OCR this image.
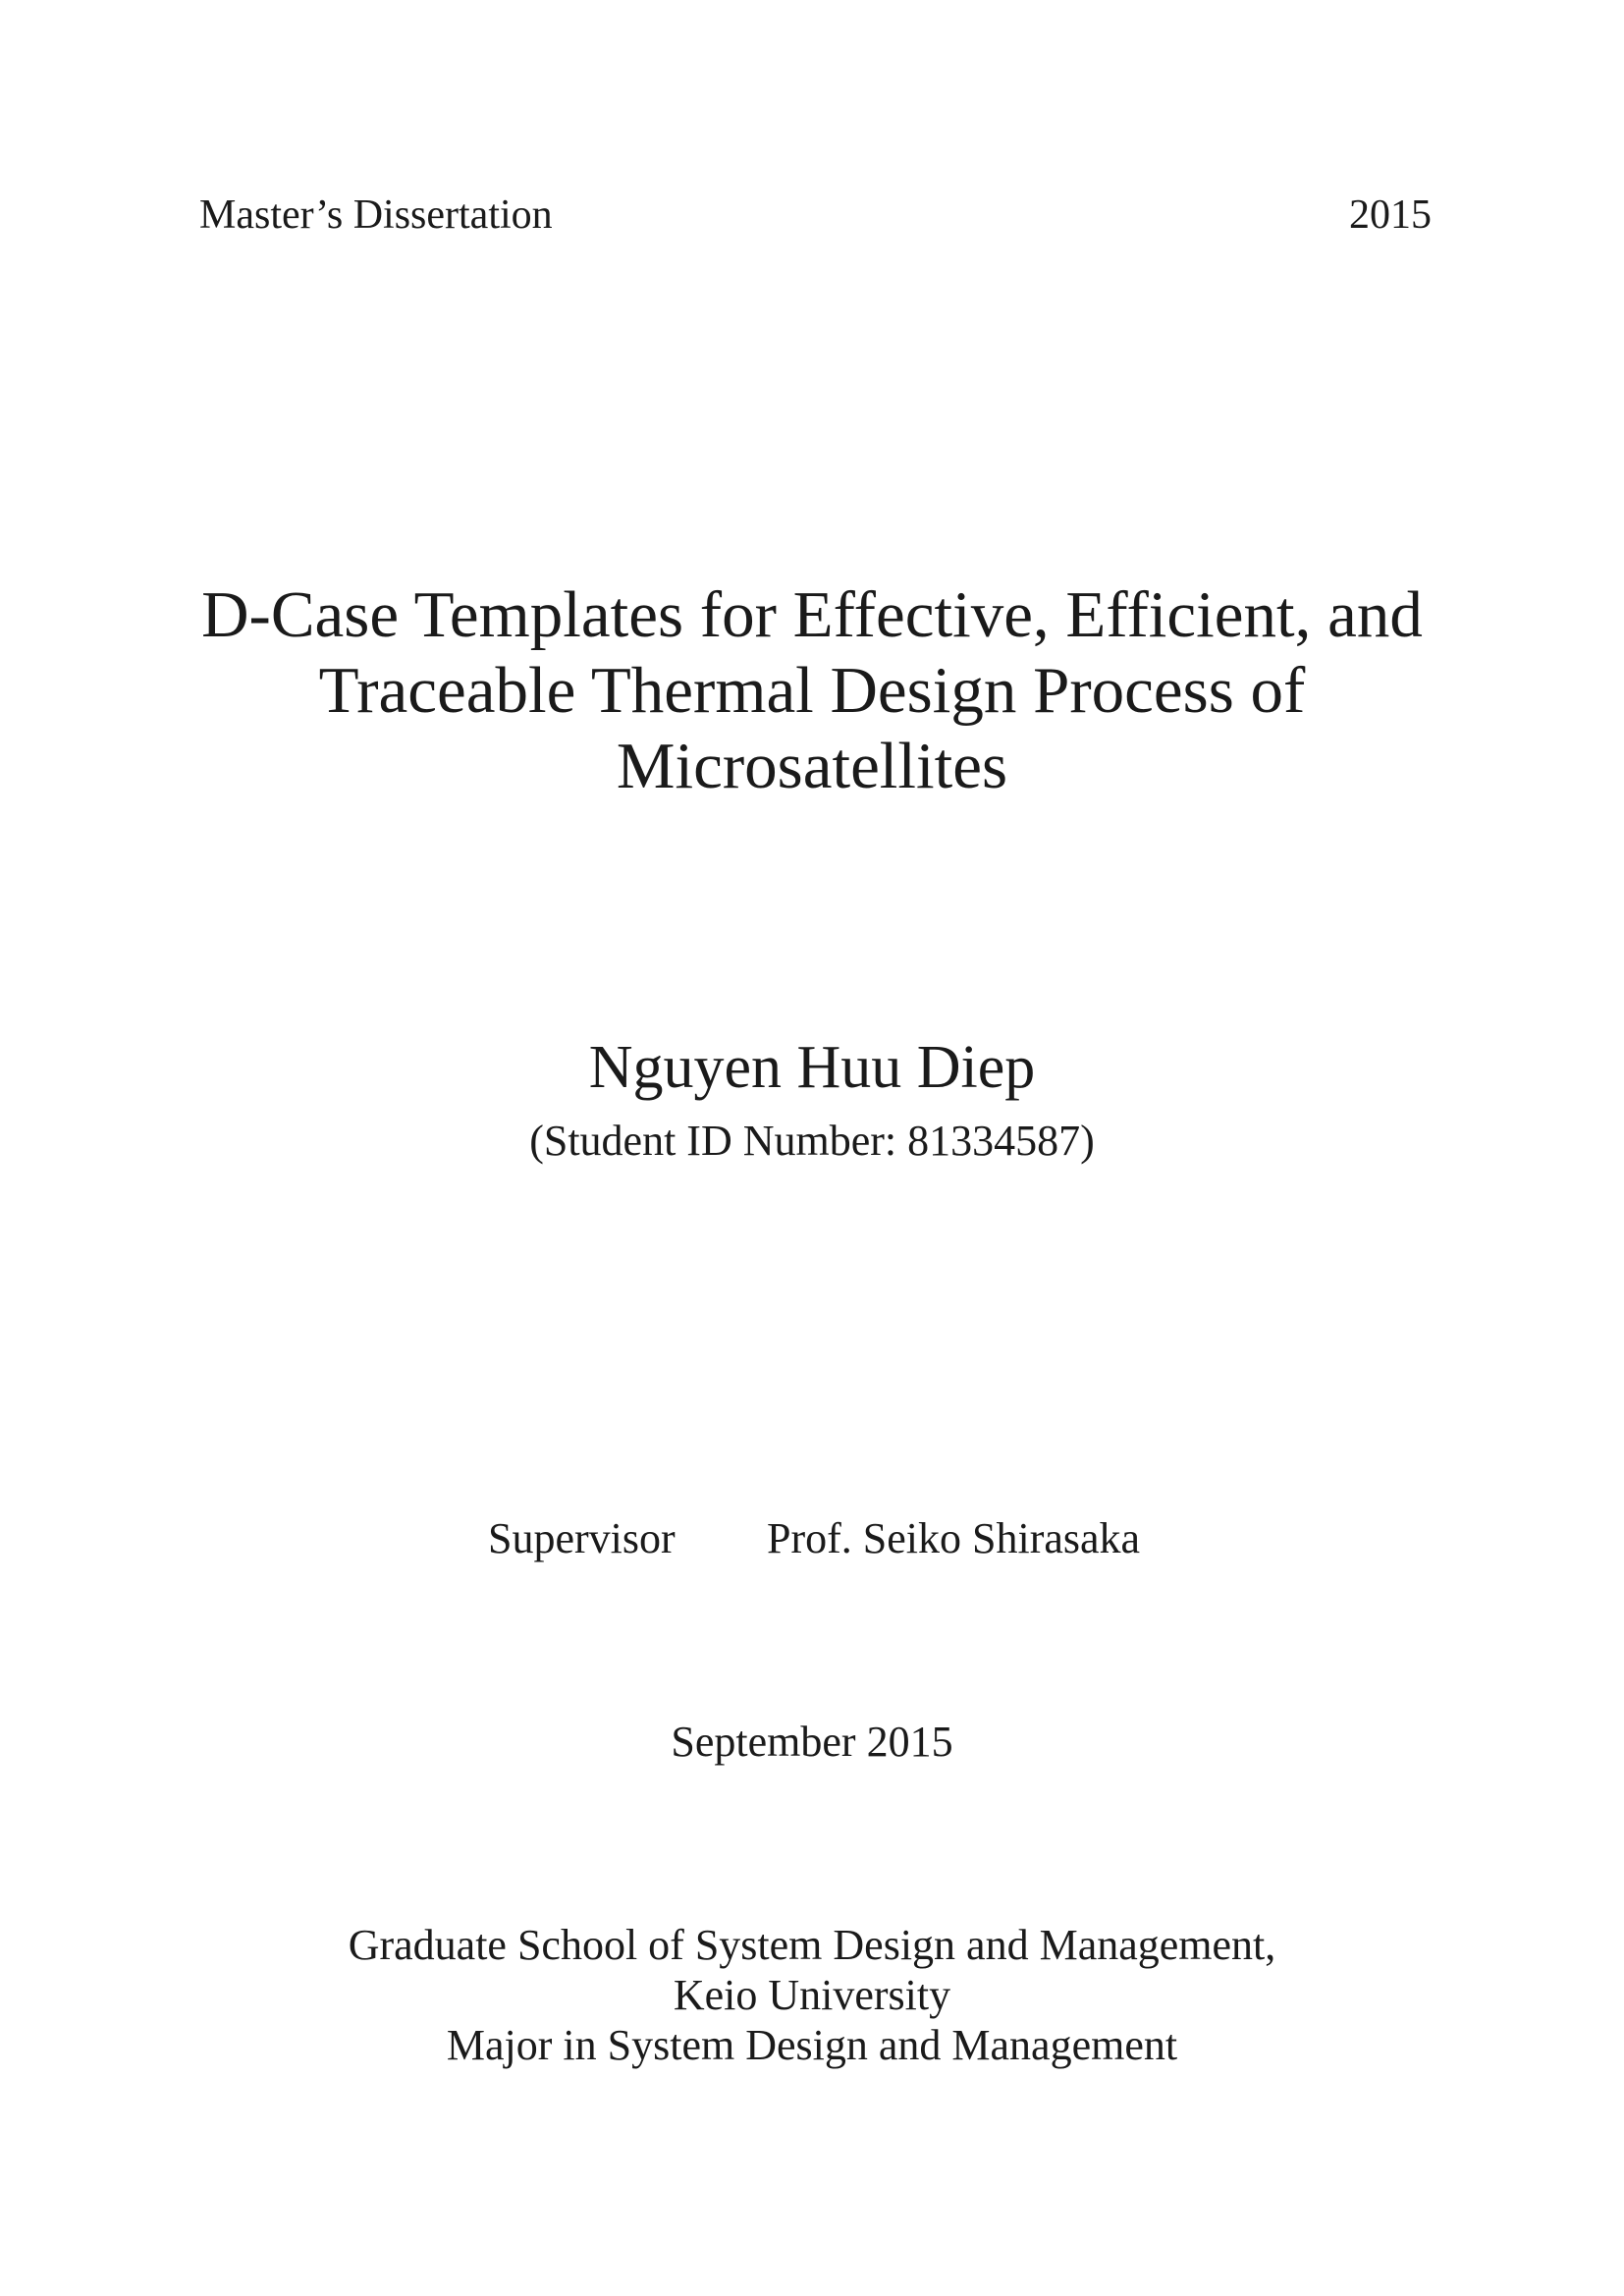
Master’s Dissertation	2015
D-Case Templates for Effective, Efficient, and
Traceable Thermal Design Process of
Microsatellites
Nguyen Huu Diep
(Student ID Number: 81334587)
Supervisor Prof. Seiko Shirasaka
September 2015
Graduate School of System Design and Management,
Keio University
Major in System Design and Management
